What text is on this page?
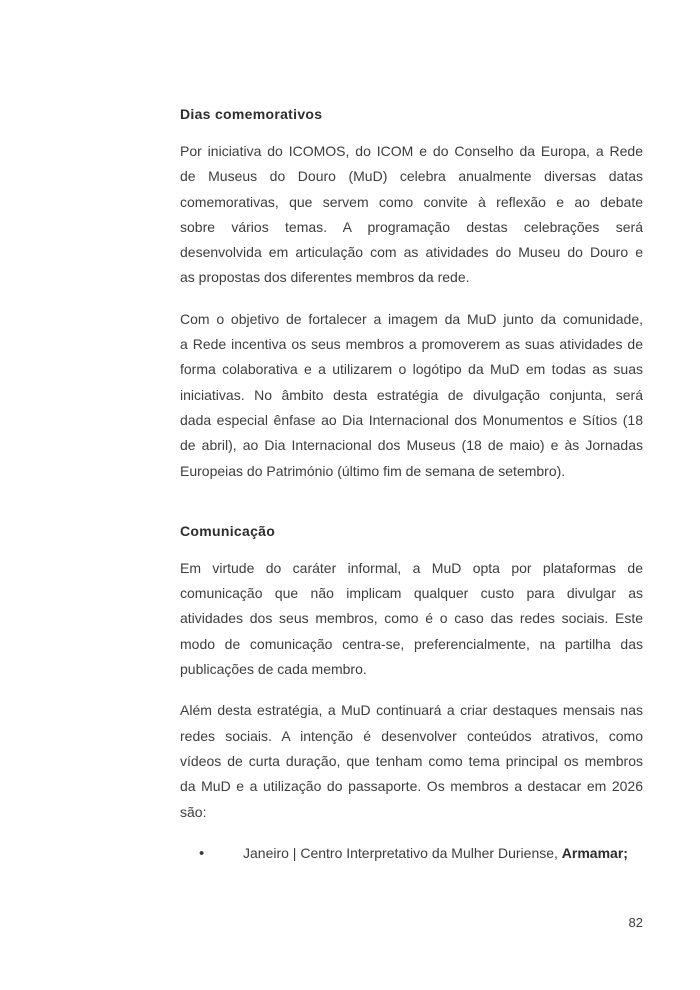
Dias comemorativos
Por iniciativa do ICOMOS, do ICOM e do Conselho da Europa, a Rede
de Museus do Douro (MuD) celebra anualmente diversas datas
comemorativas, que servem como convite à reflexão e ao debate
sobre vários temas. A programação destas celebrações será
desenvolvida em articulação com as atividades do Museu do Douro e
as propostas dos diferentes membros da rede.
Com o objetivo de fortalecer a imagem da MuD junto da comunidade,
a Rede incentiva os seus membros a promoverem as suas atividades de
forma colaborativa e a utilizarem o logótipo da MuD em todas as suas
iniciativas. No âmbito desta estratégia de divulgação conjunta, será
dada especial ênfase ao Dia Internacional dos Monumentos e Sítios (18
de abril), ao Dia Internacional dos Museus (18 de maio) e às Jornadas
Europeias do Património (último fim de semana de setembro).
Comunicação
Em virtude do caráter informal, a MuD opta por plataformas de
comunicação que não implicam qualquer custo para divulgar as
atividades dos seus membros, como é o caso das redes sociais. Este
modo de comunicação centra-se, preferencialmente, na partilha das
publicações de cada membro.
Além desta estratégia, a MuD continuará a criar destaques mensais nas
redes sociais. A intenção é desenvolver conteúdos atrativos, como
vídeos de curta duração, que tenham como tema principal os membros
da MuD e a utilização do passaporte. Os membros a destacar em 2026
são:
•	Janeiro | Centro Interpretativo da Mulher Duriense, Armamar;
82
